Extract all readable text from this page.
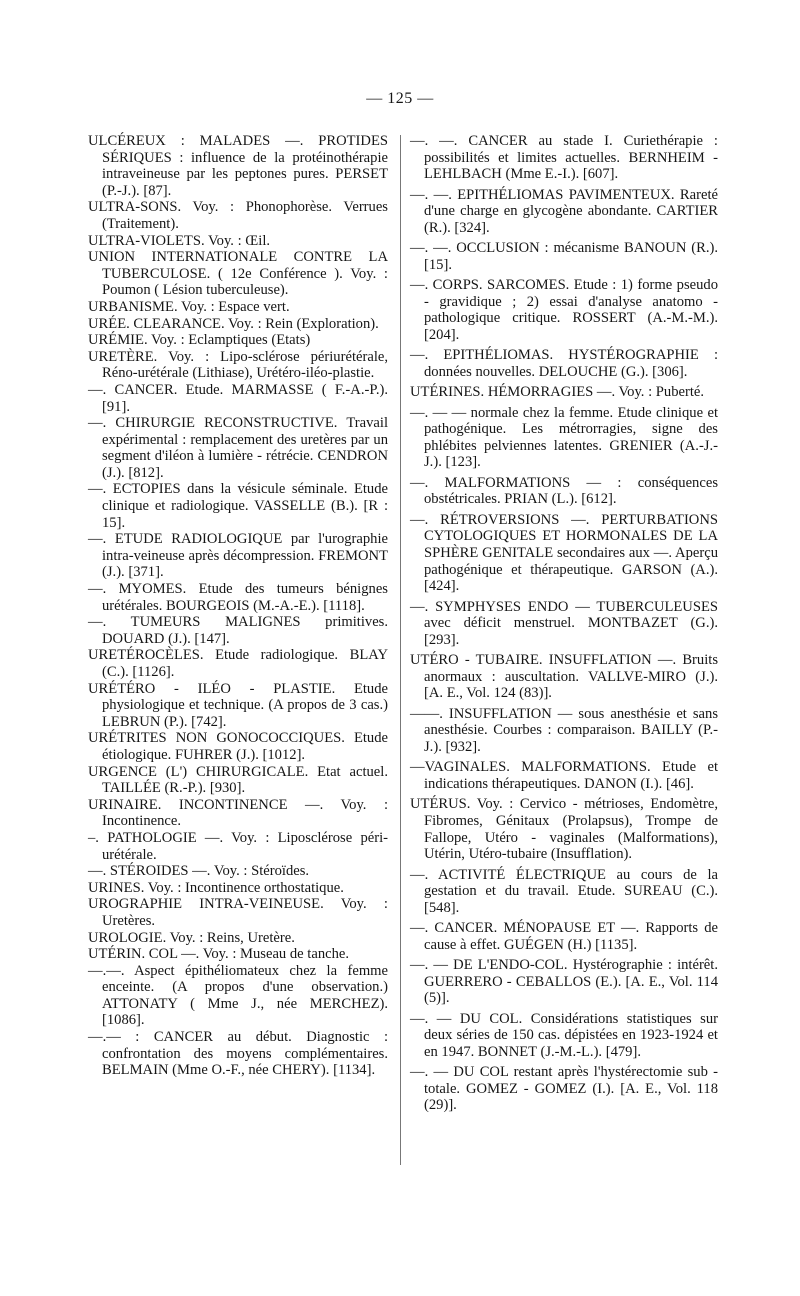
— 125 —

ULCÉREUX : MALADES —. PROTIDES SÉRIQUES : influence de la protéinothérapie intraveineuse par les peptones pures. PERSET (P.-J.). [87].

ULTRA-SONS. Voy. : Phonophorèse. Verrues (Traitement).

ULTRA-VIOLETS. Voy. : Œil.

UNION INTERNATIONALE CONTRE LA TUBERCULOSE. ( 12e Conférence ). Voy. : Poumon ( Lésion tuberculeuse).

URBANISME. Voy. : Espace vert.

URÉE. CLEARANCE. Voy. : Rein (Exploration).

URÉMIE. Voy. : Eclamptiques (Etats)

URETÈRE. Voy. : Lipo-sclérose périurétérale, Réno-urétérale (Lithiase), Urétéro-iléo-plastie.

—. CANCER. Etude. MARMASSE ( F.-A.-P.). [91].

—. CHIRURGIE RECONSTRUCTIVE. Travail expérimental : remplacement des uretères par un segment d'iléon à lumière - rétrécie. CENDRON (J.). [812].

—. ECTOPIES dans la vésicule séminale. Etude clinique et radiologique. VASSELLE (B.). [R : 15].

—. ETUDE RADIOLOGIQUE par l'urographie intra-veineuse après décompression. FREMONT (J.). [371].

—. MYOMES. Etude des tumeurs bénignes urétérales. BOURGEOIS (M.-A.-E.). [1118].

—. TUMEURS MALIGNES primitives. DOUARD (J.). [147].

URETÉROCÈLES. Etude radiologique. BLAY (C.). [1126].

URÉTÉRO - ILÉO - PLASTIE. Etude physiologique et technique. (A propos de 3 cas.) LEBRUN (P.). [742].

URÉTRITES NON GONOCOCCIQUES. Etude étiologique. FUHRER (J.). [1012].

URGENCE (L') CHIRURGICALE. Etat actuel. TAILLÉE (R.-P.). [930].

URINAIRE. INCONTINENCE —. Voy. : Incontinence.

–. PATHOLOGIE —. Voy. : Liposclérose péri-urétérale.

—. STÉROIDES —. Voy. : Stéroïdes.

URINES. Voy. : Incontinence orthostatique.

UROGRAPHIE INTRA-VEINEUSE. Voy. : Uretères.

UROLOGIE. Voy. : Reins, Uretère.

UTÉRIN. COL —. Voy. : Museau de tanche.

—.—. Aspect épithéliomateux chez la femme enceinte. (A propos d'une observation.) ATTONATY ( Mme J., née MERCHEZ). [1086].

—.— : CANCER au début. Diagnostic : confrontation des moyens complémentaires. BELMAIN (Mme O.-F., née CHERY). [1134].

—. —. CANCER au stade I. Curiethérapie : possibilités et limites actuelles. BERNHEIM - LEHLBACH (Mme E.-I.). [607].

—. —. EPITHÉLIOMAS PAVIMENTEUX. Rareté d'une charge en glycogène abondante. CARTIER (R.). [324].

—. —. OCCLUSION : mécanisme BANOUN (R.). [15].

—. CORPS. SARCOMES. Etude : 1) forme pseudo - gravidique ; 2) essai d'analyse anatomo - pathologique critique. ROSSERT (A.-M.-M.). [204].

—. EPITHÉLIOMAS. HYSTÉROGRAPHIE : données nouvelles. DELOUCHE (G.). [306].

UTÉRINES. HÉMORRAGIES —. Voy. : Puberté.

—. — — normale chez la femme. Etude clinique et pathogénique. Les métrorragies, signe des phlébites pelviennes latentes. GRENIER (A.-J.-J.). [123].

—. MALFORMATIONS — : conséquences obstétricales. PRIAN (L.). [612].

—. RÉTROVERSIONS —. PERTURBATIONS CYTOLOGIQUES ET HORMONALES DE LA SPHÈRE GENITALE secondaires aux —. Aperçu pathogénique et thérapeutique. GARSON (A.). [424].

—. SYMPHYSES ENDO — TUBERCULEUSES avec déficit menstruel. MONTBAZET (G.). [293].

UTÉRO - TUBAIRE. INSUFFLATION —. Bruits anormaux : auscultation. VALLVE-MIRO (J.). [A. E., Vol. 124 (83)].

——. INSUFFLATION — sous anesthésie et sans anesthésie. Courbes : comparaison. BAILLY (P.-J.). [932].

—VAGINALES. MALFORMATIONS. Etude et indications thérapeutiques. DANON (I.). [46].

UTÉRUS. Voy. : Cervico - métrioses, Endomètre, Fibromes, Génitaux (Prolapsus), Trompe de Fallope, Utéro - vaginales (Malformations), Utérin, Utéro-tubaire (Insufflation).

—. ACTIVITÉ ÉLECTRIQUE au cours de la gestation et du travail. Etude. SUREAU (C.). [548].

—. CANCER. MÉNOPAUSE ET —. Rapports de cause à effet. GUÉGEN (H.) [1135].

—. — DE L'ENDO-COL. Hystérographie : intérêt. GUERRERO - CEBALLOS (E.). [A. E., Vol. 114 (5)].

—. — DU COL. Considérations statistiques sur deux séries de 150 cas. dépistées en 1923-1924 et en 1947. BONNET (J.-M.-L.). [479].

—. — DU COL restant après l'hystérectomie sub - totale. GOMEZ - GOMEZ (I.). [A. E., Vol. 118 (29)].
